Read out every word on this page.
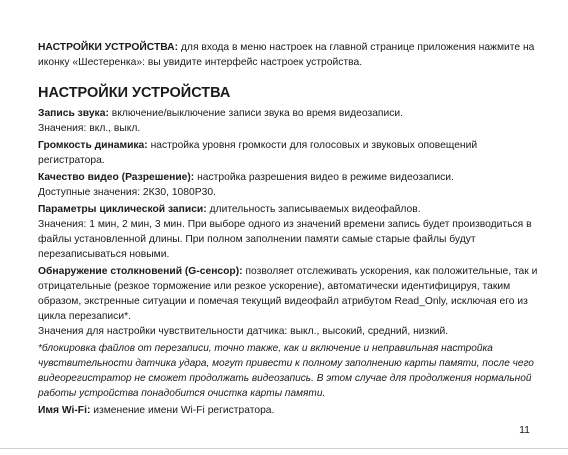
НАСТРОЙКИ УСТРОЙСТВА: для входа в меню настроек на главной странице приложения нажмите на иконку «Шестеренка»: вы увидите интерфейс настроек устройства.

НАСТРОЙКИ УСТРОЙСТВА

Запись звука: включение/выключение записи звука во время видеозаписи.
Значения: вкл., выкл.

Громкость динамика: настройка уровня громкости для голосовых и звуковых оповещений регистратора.

Качество видео (Разрешение): настройка разрешения видео в режиме видеозаписи.
Доступные значения: 2К30, 1080Р30.

Параметры циклической записи: длительность записываемых видеофайлов.
Значения: 1 мин, 2 мин, 3 мин. При выборе одного из значений времени запись будет производиться в файлы установленной длины. При полном заполнении памяти самые старые файлы будут перезаписываться новыми.

Обнаружение столкновений (G-сенсор): позволяет отслеживать ускорения, как положительные, так и отрицательные (резкое торможение или резкое ускорение), автоматически идентифицируя, таким образом, экстренные ситуации и помечая текущий видеофайл атрибутом Read_Only, исключая его из цикла перезаписи*.
Значения для настройки чувствительности датчика: выкл., высокий, средний, низкий.

*блокировка файлов от перезаписи, точно также, как и включение и неправильная настройка чувствительности датчика удара, могут привести к полному заполнению карты памяти, после чего видеорегистратор не сможет продолжать видеозапись. В этом случае для продолжения нормальной работы устройства понадобится очистка карты памяти.

Имя Wi-Fi: изменение имени Wi-Fi регистратора.

11
